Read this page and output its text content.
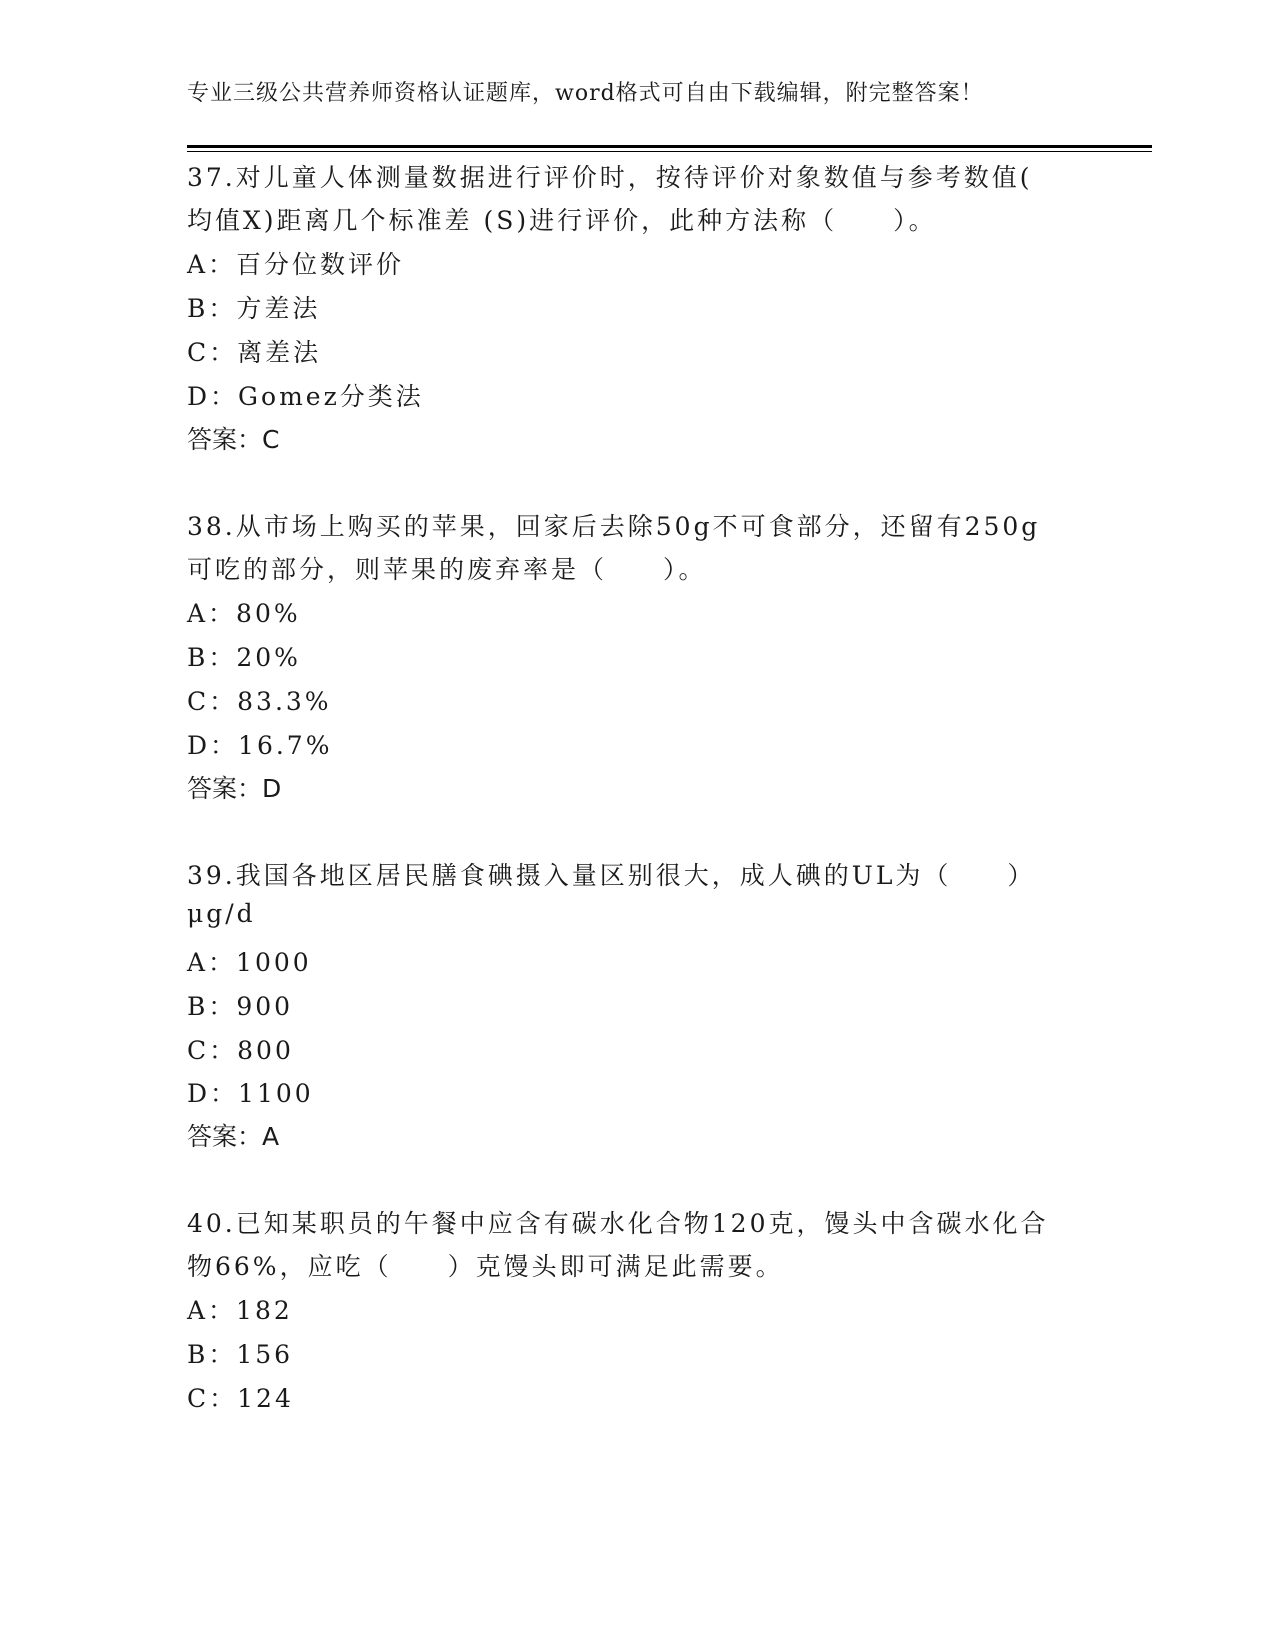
专业三级公共营养师资格认证题库，word格式可自由下载编辑，附完整答案！
37.对儿童人体测量数据进行评价时，按待评价对象数值与参考数值(
均值X)距离几个标准差 (S)进行评价，此种方法称（　　）。
A：百分位数评价
B：方差法
C：离差法
D：Gomez分类法
答案：C
38.从市场上购买的苹果，回家后去除50g不可食部分，还留有250g
可吃的部分，则苹果的废弃率是（　　）。
A：80%
B：20%
C：83.3%
D：16.7%
答案：D
39.我国各地区居民膳食碘摄入量区别很大，成人碘的UL为（　　）
μg/d
A：1000
B：900
C：800
D：1100
答案：A
40.已知某职员的午餐中应含有碳水化合物120克，馒头中含碳水化合
物66%，应吃（　　）克馒头即可满足此需要。
A：182
B：156
C：124
